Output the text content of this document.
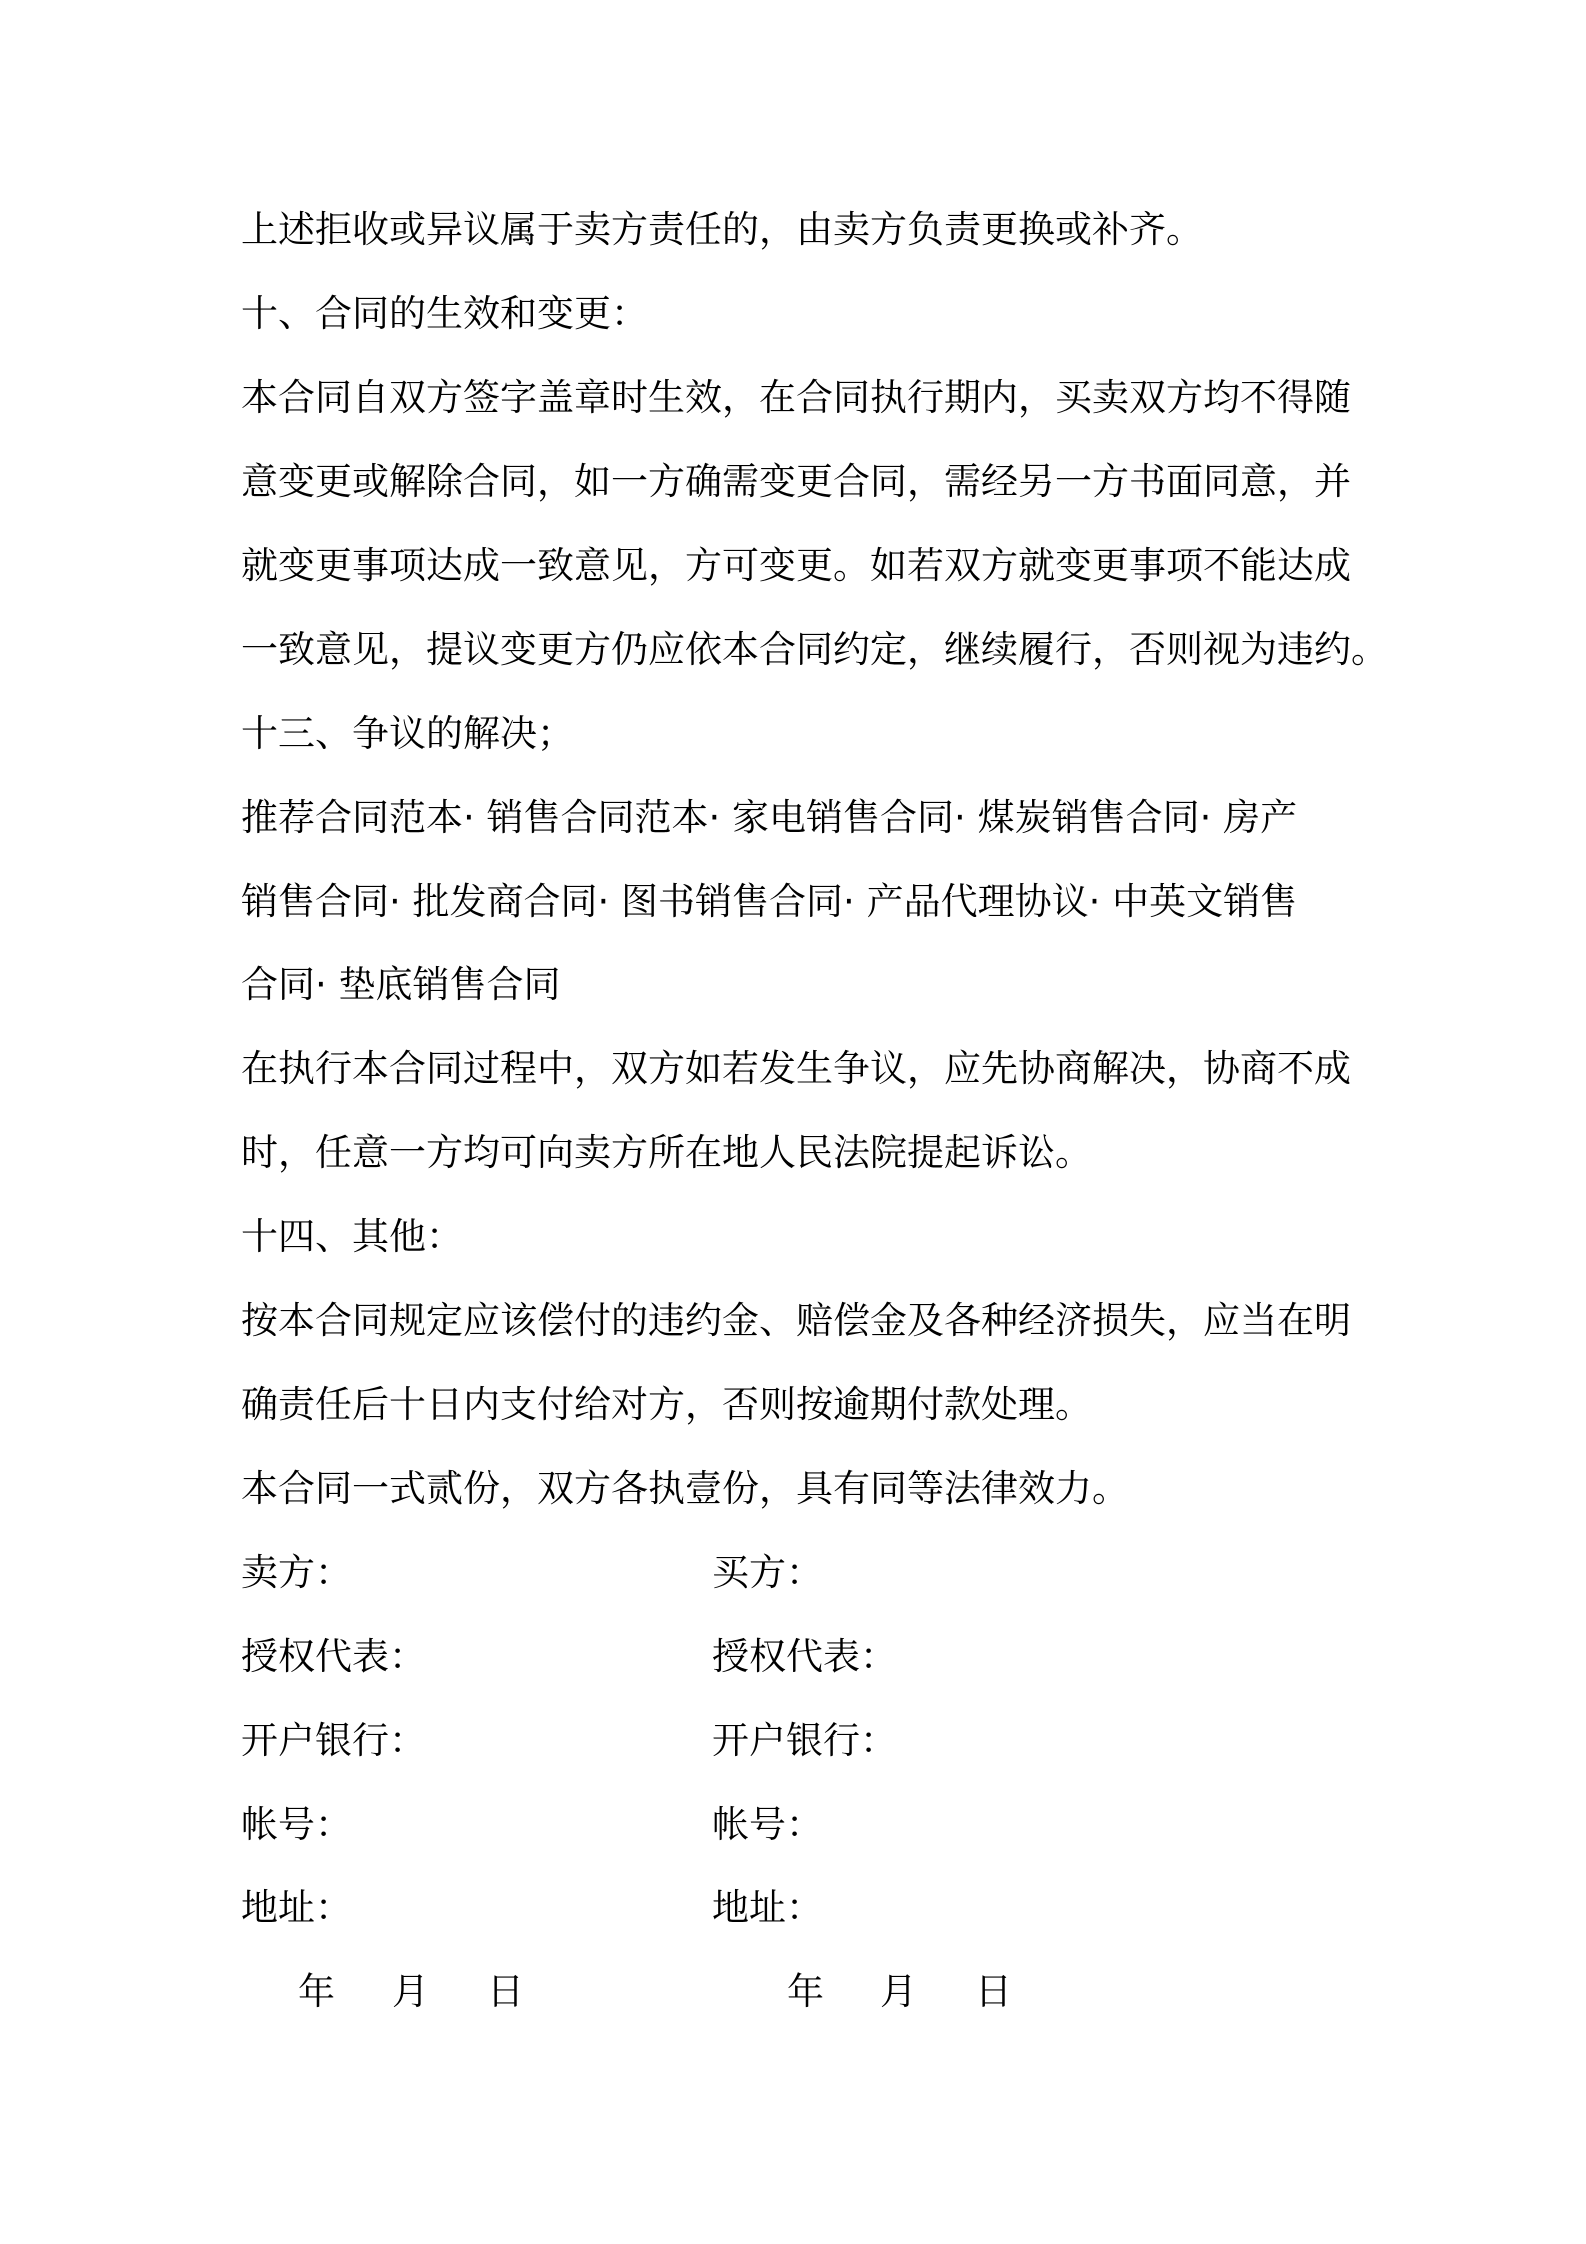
上述拒收或异议属于卖方责任的，由卖方负责更换或补齐。
十、合同的生效和变更：
本合同自双方签字盖章时生效，在合同执行期内，买卖双方均不得随
意变更或解除合同，如一方确需变更合同，需经另一方书面同意，并
就变更事项达成一致意见，方可变更。如若双方就变更事项不能达成
一致意见，提议变更方仍应依本合同约定，继续履行，否则视为违约。
十三、争议的解决；
推荐合同范本· 销售合同范本· 家电销售合同· 煤炭销售合同· 房产
销售合同· 批发商合同· 图书销售合同· 产品代理协议· 中英文销售
合同· 垫底销售合同
在执行本合同过程中，双方如若发生争议，应先协商解决，协商不成
时，任意一方均可向卖方所在地人民法院提起诉讼。
十四、其他：
按本合同规定应该偿付的违约金、赔偿金及各种经济损失，应当在明
确责任后十日内支付给对方，否则按逾期付款处理。
本合同一式贰份，双方各执壹份，具有同等法律效力。
卖方：
授权代表：
开户银行：
帐号：
地址：
买方：
授权代表：
开户银行：
帐号：
地址：
年 月 日	年 月 日
